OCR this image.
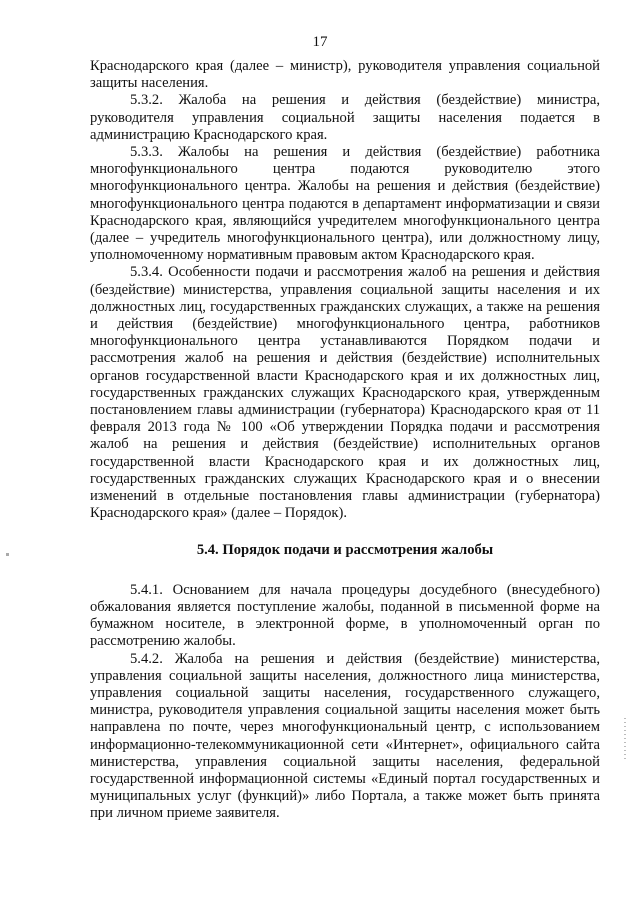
17

Краснодарского края (далее – министр), руководителя управления социальной защиты населения.

5.3.2. Жалоба на решения и действия (бездействие) министра, руководителя управления социальной защиты населения подается в администрацию Краснодарского края.

5.3.3. Жалобы на решения и действия (бездействие) работника многофункционального центра подаются руководителю этого многофункционального центра. Жалобы на решения и действия (бездействие) многофункционального центра подаются в департамент информатизации и связи Краснодарского края, являющийся учредителем многофункционального центра (далее – учредитель многофункционального центра), или должностному лицу, уполномоченному нормативным правовым актом Краснодарского края.

5.3.4. Особенности подачи и рассмотрения жалоб на решения и действия (бездействие) министерства, управления социальной защиты населения и их должностных лиц, государственных гражданских служащих, а также на решения и действия (бездействие) многофункционального центра, работников многофункционального центра устанавливаются Порядком подачи и рассмотрения жалоб на решения и действия (бездействие) исполнительных органов государственной власти Краснодарского края и их должностных лиц, государственных гражданских служащих Краснодарского края, утвержденным постановлением главы администрации (губернатора) Краснодарского края от 11 февраля 2013 года № 100 «Об утверждении Порядка подачи и рассмотрения жалоб на решения и действия (бездействие) исполнительных органов государственной власти Краснодарского края и их должностных лиц, государственных гражданских служащих Краснодарского края и о внесении изменений в отдельные постановления главы администрации (губернатора) Краснодарского края» (далее – Порядок).

5.4. Порядок подачи и рассмотрения жалобы

5.4.1. Основанием для начала процедуры досудебного (внесудебного) обжалования является поступление жалобы, поданной в письменной форме на бумажном носителе, в электронной форме, в уполномоченный орган по рассмотрению жалобы.

5.4.2. Жалоба на решения и действия (бездействие) министерства, управления социальной защиты населения, должностного лица министерства, управления социальной защиты населения, государственного служащего, министра, руководителя управления социальной защиты населения может быть направлена по почте, через многофункциональный центр, с использованием информационно-телекоммуникационной сети «Интернет», официального сайта министерства, управления социальной защиты населения, федеральной государственной информационной системы «Единый портал государственных и муниципальных услуг (функций)» либо Портала, а также может быть принята при личном приеме заявителя.
